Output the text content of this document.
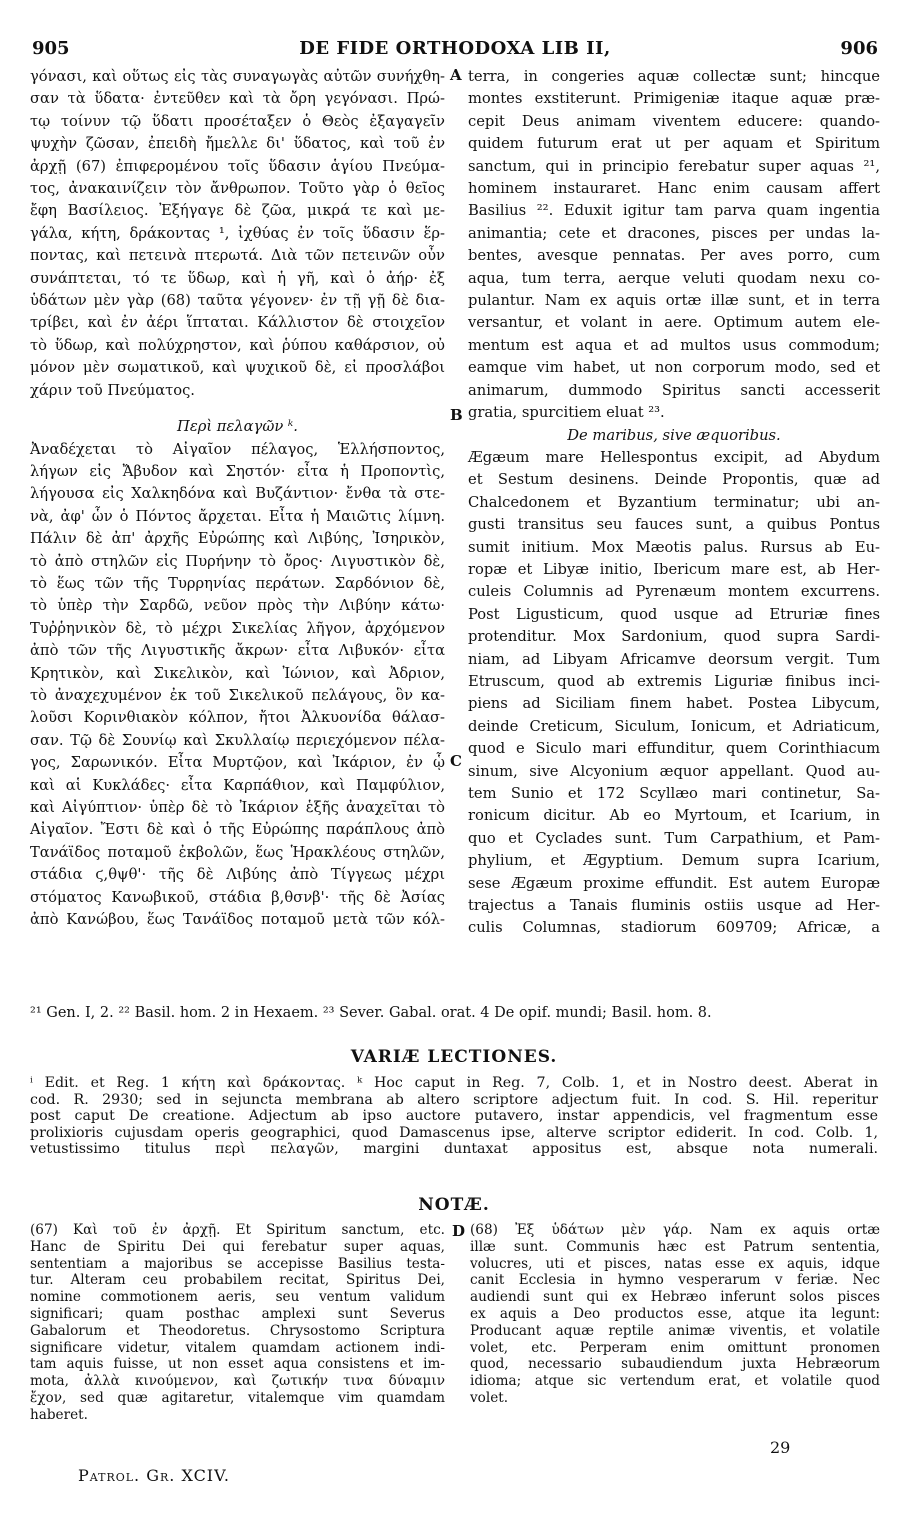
905	DE FIDE ORTHODOXA LIB II,	906
A
B
C
γόνασι, καὶ οὕτως εἰς τὰς συναγωγὰς αὐτῶν συνήχθη-
σαν τὰ ὕδατα· ἐντεῦθεν καὶ τὰ ὄρη γεγόνασι. Πρώ-
τῳ τοίνυν τῷ ὕδατι προσέταξεν ὁ Θεὸς ἐξαγαγεῖν
ψυχὴν ζῶσαν, ἐπειδὴ ἤμελλε δι' ὕδατος, καὶ τοῦ ἐν
ἀρχῇ (67) ἐπιφερομένου τοῖς ὕδασιν ἁγίου Πνεύμα-
τος, ἀνακαινίζειν τὸν ἄνθρωπον. Τοῦτο γὰρ ὁ θεῖος
ἔφη Βασίλειος. Ἐξήγαγε δὲ ζῶα, μικρά τε καὶ με-
γάλα, κήτη, δράκοντας ¹, ἰχθύας ἐν τοῖς ὕδασιν ἕρ-
ποντας, καὶ πετεινὰ πτερωτά. Διὰ τῶν πετεινῶν οὖν
συνάπτεται, τό τε ὕδωρ, καὶ ἡ γῆ, καὶ ὁ ἀήρ· ἐξ
ὑδάτων μὲν γὰρ (68) ταῦτα γέγονεν· ἐν τῇ γῇ δὲ δια-
τρίβει, καὶ ἐν ἀέρι ἵπταται. Κάλλιστον δὲ στοιχεῖον
τὸ ὕδωρ, καὶ πολύχρηστον, καὶ ῥύπου καθάρσιον, οὐ
μόνον μὲν σωματικοῦ, καὶ ψυχικοῦ δὲ, εἰ προσλάβοι
χάριν τοῦ Πνεύματος.
Περὶ πελαγῶν ᵏ.
Ἀναδέχεται τὸ Αἰγαῖον πέλαγος, Ἑλλήσποντος,
λήγων εἰς Ἄβυδον καὶ Σηστόν· εἶτα ἡ Προποντὶς,
λήγουσα εἰς Χαλκηδόνα καὶ Βυζάντιον· ἔνθα τὰ στε-
νὰ, ἀφ' ὧν ὁ Πόντος ἄρχεται. Εἶτα ἡ Μαιῶτις λίμνη.
Πάλιν δὲ ἀπ' ἀρχῆς Εὐρώπης καὶ Λιβύης, Ἰσηρικὸν,
τὸ ἀπὸ στηλῶν εἰς Πυρήνην τὸ ὄρος· Λιγυστικὸν δὲ,
τὸ ἕως τῶν τῆς Τυρρηνίας περάτων. Σαρδόνιον δὲ,
τὸ ὑπὲρ τὴν Σαρδῶ, νεῦον πρὸς τὴν Λιβύην κάτω·
Τυῤῥηνικὸν δὲ, τὸ μέχρι Σικελίας λῆγον, ἀρχόμενον
ἀπὸ τῶν τῆς Λιγυστικῆς ἄκρων· εἶτα Λιβυκόν· εἶτα
Κρητικὸν, καὶ Σικελικὸν, καὶ Ἰώνιον, καὶ Ἀδριον,
τὸ ἀναχεχυμένον ἐκ τοῦ Σικελικοῦ πελάγους, ὃν κα-
λοῦσι Κορινθιακὸν κόλπον, ἤτοι Ἀλκυονίδα θάλασ-
σαν. Τῷ δὲ Σουνίῳ καὶ Σκυλλαίῳ περιεχόμενον πέλα-
γος, Σαρωνικόν. Εἶτα Μυρτῷον, καὶ Ἰκάριον, ἐν ᾧ
καὶ αἱ Κυκλάδες· εἶτα Καρπάθιον, καὶ Παμφύλιον,
καὶ Αἰγύπτιον· ὑπὲρ δὲ τὸ Ἰκάριον ἑξῆς ἀναχεῖται τὸ
Αἰγαῖον. Ἔστι δὲ καὶ ὁ τῆς Εὐρώπης παράπλους ἀπὸ
Τανάϊδος ποταμοῦ ἐκβολῶν, ἕως Ἡρακλέους στηλῶν,
στάδια ϛ,θψθ'· τῆς δὲ Λιβύης ἀπὸ Τίγγεως μέχρι
στόματος Κανωβικοῦ, στάδια β,θσνβ'· τῆς δὲ Ἀσίας
ἀπὸ Κανώβου, ἕως Τανάϊδος ποταμοῦ μετὰ τῶν κόλ-
terra, in congeries aquæ collectæ sunt; hincque
montes exstiterunt. Primigeniæ itaque aquæ præ-
cepit Deus animam viventem educere: quando-
quidem futurum erat ut per aquam et Spiritum
sanctum, qui in principio ferebatur super aquas ²¹,
hominem instauraret. Hanc enim causam affert
Basilius ²². Eduxit igitur tam parva quam ingentia
animantia; cete et dracones, pisces per undas la-
bentes, avesque pennatas. Per aves porro, cum
aqua, tum terra, aerque veluti quodam nexu co-
pulantur. Nam ex aquis ortæ illæ sunt, et in terra
versantur, et volant in aere. Optimum autem ele-
mentum est aqua et ad multos usus commodum;
eamque vim habet, ut non corporum modo, sed et
animarum, dummodo Spiritus sancti accesserit
gratia, spurcitiem eluat ²³.
De maribus, sive æquoribus.
Ægæum mare Hellespontus excipit, ad Abydum
et Sestum desinens. Deinde Propontis, quæ ad
Chalcedonem et Byzantium terminatur; ubi an-
gusti transitus seu fauces sunt, a quibus Pontus
sumit initium. Mox Mæotis palus. Rursus ab Eu-
ropæ et Libyæ initio, Ibericum mare est, ab Her-
culeis Columnis ad Pyrenæum montem excurrens.
Post Ligusticum, quod usque ad Etruriæ fines
protenditur. Mox Sardonium, quod supra Sardi-
niam, ad Libyam Africamve deorsum vergit. Tum
Etruscum, quod ab extremis Liguriæ finibus inci-
piens ad Siciliam finem habet. Postea Libycum,
deinde Creticum, Siculum, Ionicum, et Adriaticum,
quod e Siculo mari effunditur, quem Corinthiacum
sinum, sive Alcyonium æquor appellant. Quod au-
tem Sunio et 172 Scyllæo mari continetur, Sa-
ronicum dicitur. Ab eo Myrtoum, et Icarium, in
quo et Cyclades sunt. Tum Carpathium, et Pam-
phylium, et Ægyptium. Demum supra Icarium,
sese Ægæum proxime effundit. Est autem Europæ
trajectus a Tanais fluminis ostiis usque ad Her-
culis Columnas, stadiorum 609709; Africæ, a
²¹ Gen. I, 2. ²² Basil. hom. 2 in Hexaem. ²³ Sever. Gabal. orat. 4 De opif. mundi; Basil. hom. 8.
VARIÆ LECTIONES.
ⁱ Edit. et Reg. 1 κήτη καὶ δράκοντας. ᵏ Hoc caput in Reg. 7, Colb. 1, et in Nostro deest. Aberat in
cod. R. 2930; sed in sejuncta membrana ab altero scriptore adjectum fuit. In cod. S. Hil. reperitur
post caput De creatione. Adjectum ab ipso auctore putavero, instar appendicis, vel fragmentum esse
prolixioris cujusdam operis geographici, quod Damascenus ipse, alterve scriptor ediderit. In cod. Colb. 1,
vetustissimo titulus περὶ πελαγῶν, margini duntaxat appositus est, absque nota numerali.
NOTÆ.
D
(67) Καὶ τοῦ ἐν ἀρχῇ. Et Spiritum sanctum, etc.
Hanc de Spiritu Dei qui ferebatur super aquas,
sententiam a majoribus se accepisse Basilius testa-
tur. Alteram ceu probabilem recitat, Spiritus Dei,
nomine commotionem aeris, seu ventum validum
significari; quam posthac amplexi sunt Severus
Gabalorum et Theodoretus. Chrysostomo Scriptura
significare videtur, vitalem quamdam actionem indi-
tam aquis fuisse, ut non esset aqua consistens et im-
mota, ἀλλὰ κινούμενον, καὶ ζωτικήν τινα δύναμιν
ἔχον, sed quæ agitaretur, vitalemque vim quamdam
haberet.
(68) Ἐξ ὑδάτων μὲν γάρ. Nam ex aquis ortæ
illæ sunt. Communis hæc est Patrum sententia,
volucres, uti et pisces, natas esse ex aquis, idque
canit Ecclesia in hymno vesperarum v feriæ. Nec
audiendi sunt qui ex Hebræo inferunt solos pisces
ex aquis a Deo productos esse, atque ita legunt:
Producant aquæ reptile animæ viventis, et volatile
volet, etc. Perperam enim omittunt pronomen
quod, necessario subaudiendum juxta Hebræorum
idioma; atque sic vertendum erat, et volatile quod
volet.
Patrol. Gr. XCIV.
29
